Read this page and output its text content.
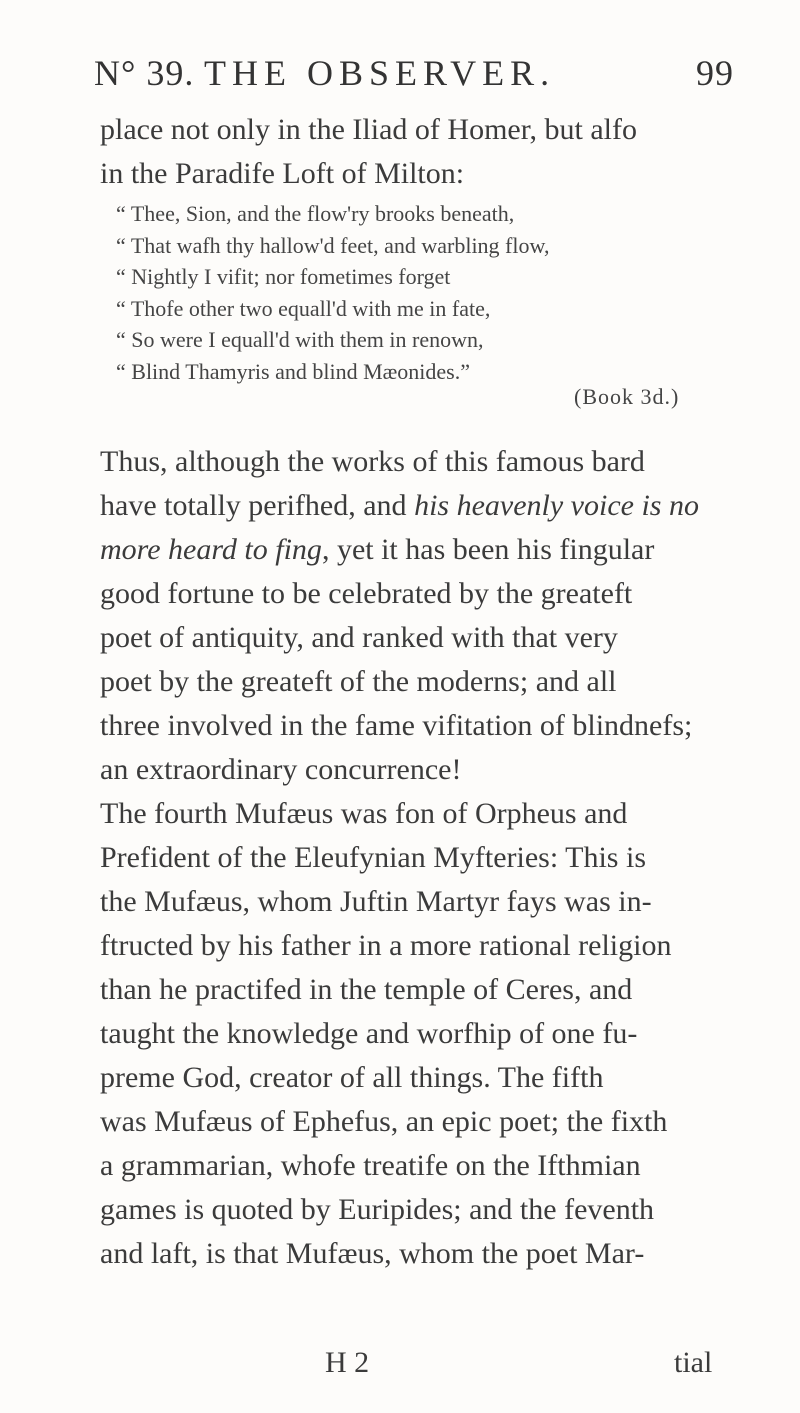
N° 39. THE OBSERVER.	99
place not only in the Iliad of Homer, but alfo
in the Paradife Loft of Milton:
“ Thee, Sion, and the flow'ry brooks beneath,
“ That wafh thy hallow'd feet, and warbling flow,
“ Nightly I vifit; nor fometimes forget
“ Thofe other two equall'd with me in fate,
“ So were I equall'd with them in renown,
“ Blind Thamyris and blind Mæonides.”
(Book 3d.)
Thus, although the works of this famous bard
have totally perifhed, and his heavenly voice is no
more heard to fing, yet it has been his fingular
good fortune to be celebrated by the greateft
poet of antiquity, and ranked with that very
poet by the greateft of the moderns; and all
three involved in the fame vifitation of blindnefs;
an extraordinary concurrence!
The fourth Mufæus was fon of Orpheus and
Prefident of the Eleufynian Myfteries: This is
the Mufæus, whom Juftin Martyr fays was in-
ftructed by his father in a more rational religion
than he practifed in the temple of Ceres, and
taught the knowledge and worfhip of one fu-
preme God, creator of all things. The fifth
was Mufæus of Ephefus, an epic poet; the fixth
a grammarian, whofe treatife on the Ifthmian
games is quoted by Euripides; and the feventh
and laft, is that Mufæus, whom the poet Mar-
H 2	tial
